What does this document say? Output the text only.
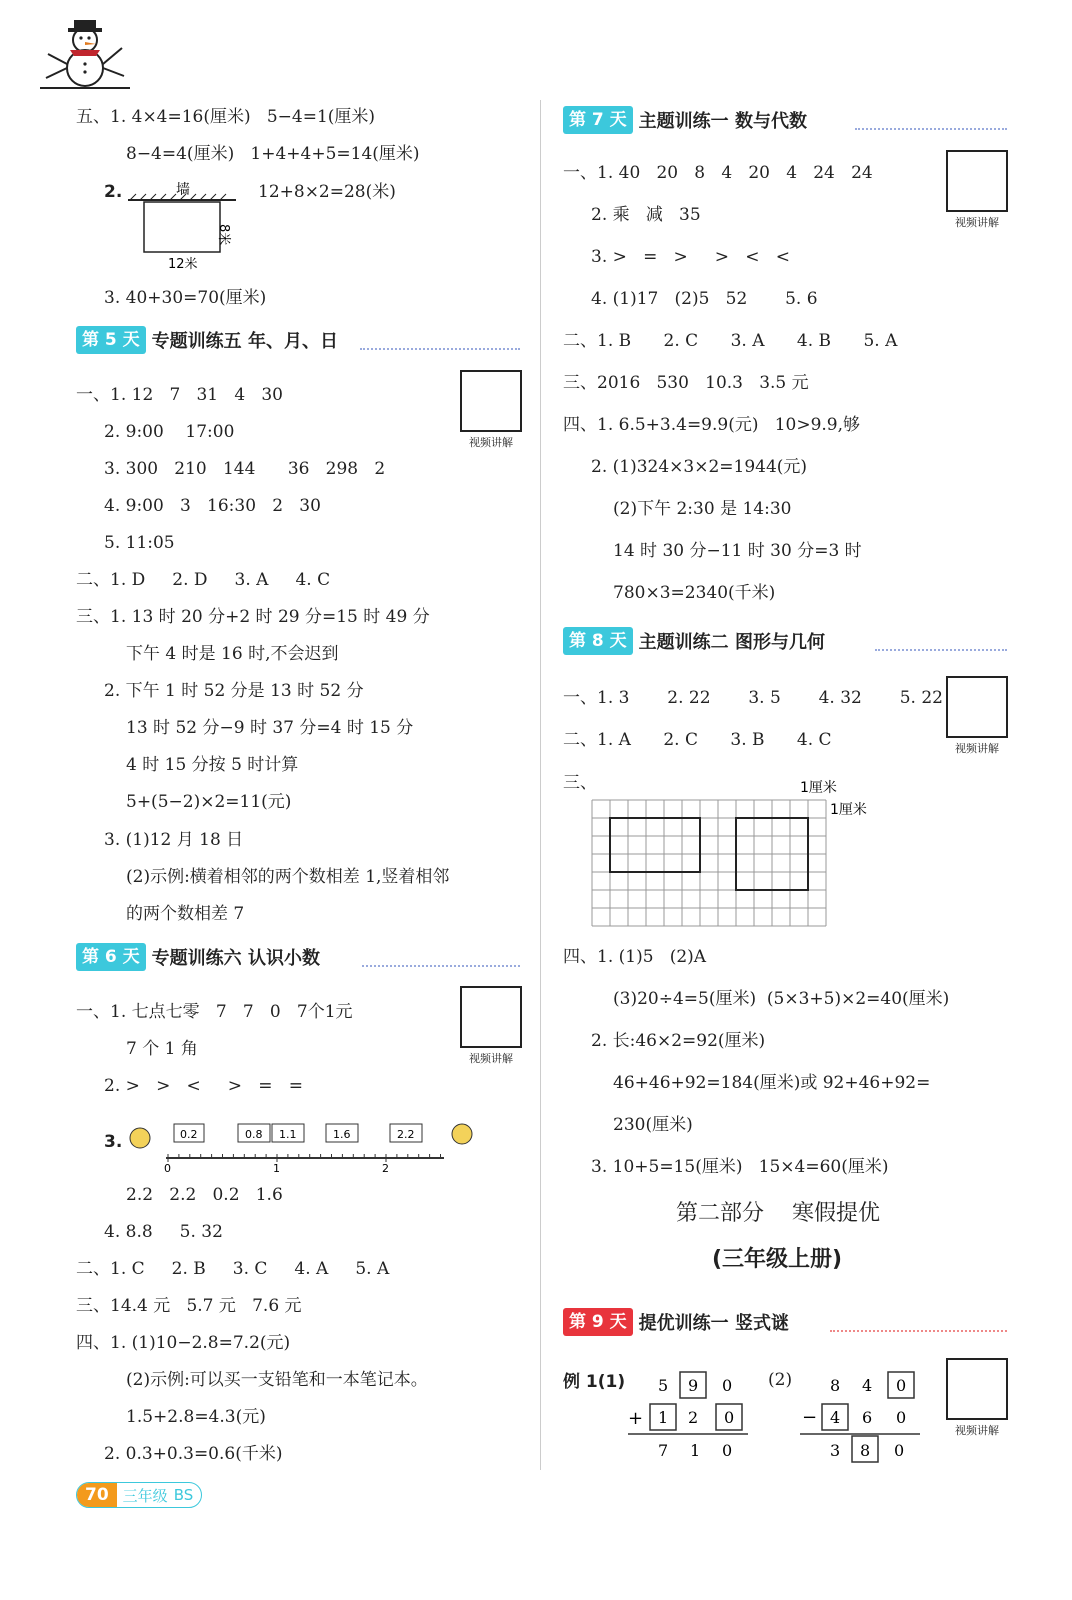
五、1. 4×4=16(厘米)   5−4=1(厘米)
8−4=4(厘米)   1+4+4+5=14(厘米)
2.	墙
8米
12米
12+8×2=28(米)
3. 40+30=70(厘米)
第 5 天 专题训练五 年、月、日
视频讲解
一、1. 12   7   31   4   30
2. 9:00    17:00
3. 300   210   144      36   298   2
4. 9:00   3   16:30   2   30
5. 11:05
二、1. D     2. D     3. A     4. C
三、1. 13 时 20 分+2 时 29 分=15 时 49 分
下午 4 时是 16 时,不会迟到
2. 下午 1 时 52 分是 13 时 52 分
13 时 52 分−9 时 37 分=4 时 15 分
4 时 15 分按 5 时计算
5+(5−2)×2=11(元)
3. (1)12 月 18 日
(2)示例:横着相邻的两个数相差 1,竖着相邻
的两个数相差 7
第 6 天 专题训练六 认识小数
视频讲解
一、1. 七点七零   7   7   0   7个1元
7 个 1 角
2. >   >   <     >   =   =
3.	0.2	0.8 1.1	1.6	2.2
0	1	2
2.2   2.2   0.2   1.6
4. 8.8     5. 32
二、1. C     2. B     3. C     4. A     5. A
三、14.4 元   5.7 元   7.6 元
四、1. (1)10−2.8=7.2(元)
(2)示例:可以买一支铅笔和一本笔记本。
1.5+2.8=4.3(元)
2. 0.3+0.3=0.6(千米)
第 7 天 主题训练一 数与代数
视频讲解
一、1. 40   20   8   4   20   4   24   24
2. 乘   减   35
3. >   =   >     >   <   <
4. (1)17   (2)5   52       5. 6
二、1. B      2. C      3. A      4. B      5. A
三、2016   530   10.3   3.5 元
四、1. 6.5+3.4=9.9(元)   10>9.9,够
2. (1)324×3×2=1944(元)
(2)下午 2:30 是 14:30
14 时 30 分−11 时 30 分=3 时
780×3=2340(千米)
第 8 天 主题训练二 图形与几何
视频讲解
一、1. 3       2. 22       3. 5       4. 32       5. 22
二、1. A      2. C      3. B      4. C
三、	1厘米
1厘米
四、1. (1)5   (2)A
(3)20÷4=5(厘米)  (5×3+5)×2=40(厘米)
2. 长:46×2=92(厘米)
46+46+92=184(厘米)或 92+46+92=
230(厘米)
3. 10+5=15(厘米)   15×4=60(厘米)
第二部分    寒假提优
(三年级上册)
第 9 天 提优训练一 竖式谜
视频讲解
例 1(1)	(2)
5 9 0
+ 1 2 0
7 1 0
8 4 0
− 4 6 0
3 8 0
70 三年级 BS
